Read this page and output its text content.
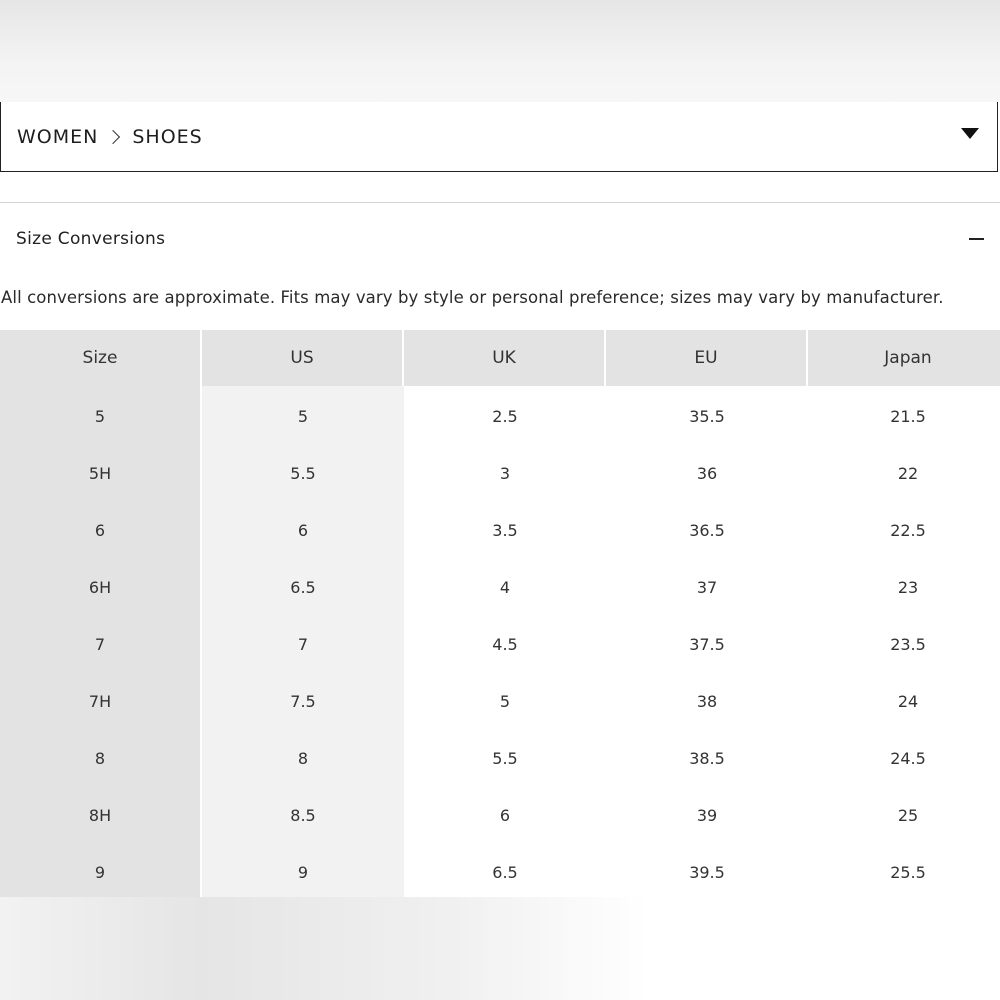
WOMEN SHOES
Size Conversions
All conversions are approximate. Fits may vary by style or personal preference; sizes may vary by manufacturer.
Size	US	UK	EU	Japan
5	5	2.5	35.5	21.5
5H	5.5	3	36	22
6	6	3.5	36.5	22.5
6H	6.5	4	37	23
7	7	4.5	37.5	23.5
7H	7.5	5	38	24
8	8	5.5	38.5	24.5
8H	8.5	6	39	25
9	9	6.5	39.5	25.5
